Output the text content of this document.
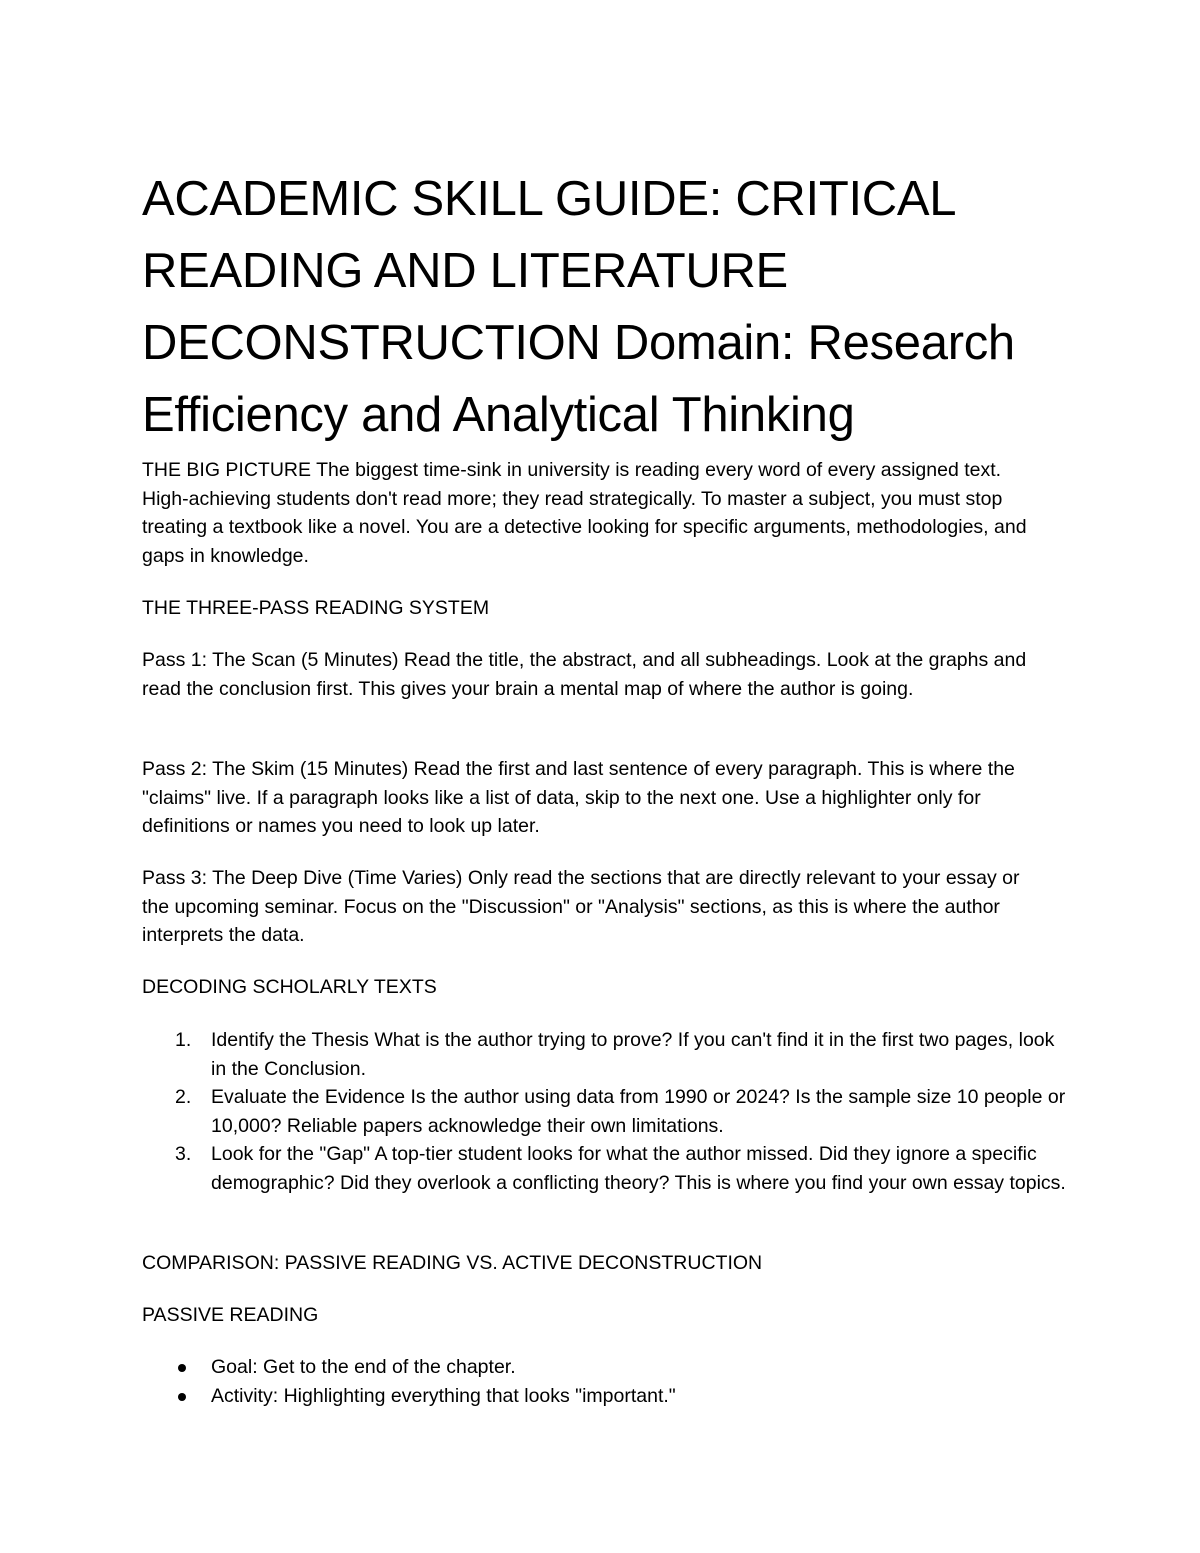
ACADEMIC SKILL GUIDE: CRITICAL READING AND LITERATURE DECONSTRUCTION Domain: Research Efficiency and Analytical Thinking

THE BIG PICTURE The biggest time-sink in university is reading every word of every assigned text. High-achieving students don't read more; they read strategically. To master a subject, you must stop treating a textbook like a novel. You are a detective looking for specific arguments, methodologies, and gaps in knowledge.

THE THREE-PASS READING SYSTEM

Pass 1: The Scan (5 Minutes) Read the title, the abstract, and all subheadings. Look at the graphs and read the conclusion first. This gives your brain a mental map of where the author is going.

Pass 2: The Skim (15 Minutes) Read the first and last sentence of every paragraph. This is where the "claims" live. If a paragraph looks like a list of data, skip to the next one. Use a highlighter only for definitions or names you need to look up later.

Pass 3: The Deep Dive (Time Varies) Only read the sections that are directly relevant to your essay or the upcoming seminar. Focus on the "Discussion" or "Analysis" sections, as this is where the author interprets the data.

DECODING SCHOLARLY TEXTS

1. Identify the Thesis What is the author trying to prove? If you can't find it in the first two pages, look in the Conclusion.
2. Evaluate the Evidence Is the author using data from 1990 or 2024? Is the sample size 10 people or 10,000? Reliable papers acknowledge their own limitations.
3. Look for the "Gap" A top-tier student looks for what the author missed. Did they ignore a specific demographic? Did they overlook a conflicting theory? This is where you find your own essay topics.

COMPARISON: PASSIVE READING VS. ACTIVE DECONSTRUCTION

PASSIVE READING

Goal: Get to the end of the chapter.
Activity: Highlighting everything that looks "important."
